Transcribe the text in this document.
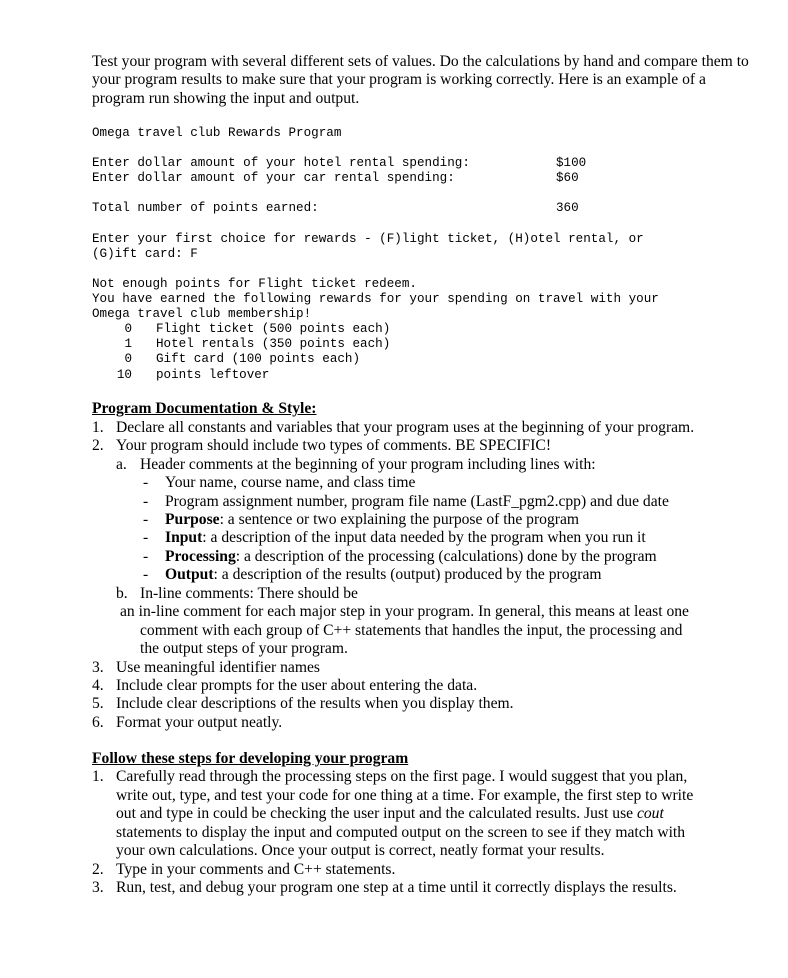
Test your program with several different sets of values. Do the calculations by hand and compare them to your program results to make sure that your program is working correctly. Here is an example of a program run showing the input and output.
Omega travel club Rewards Program
Enter dollar amount of your hotel rental spending:	$100
Enter dollar amount of your car rental spending:	$60
Total number of points earned:	360
Enter your first choice for rewards - (F)light ticket, (H)otel rental, or
(G)ift card: F
Not enough points for Flight ticket redeem.
You have earned the following rewards for your spending on travel with your
Omega travel club membership!
0 Flight ticket (500 points each)
1 Hotel rentals (350 points each)
0 Gift card (100 points each)
10 points leftover
Program Documentation & Style:
1. Declare all constants and variables that your program uses at the beginning of your program.
2. Your program should include two types of comments. BE SPECIFIC!
a. Header comments at the beginning of your program including lines with:
- Your name, course name, and class time
- Program assignment number, program file name (LastF_pgm2.cpp) and due date
- Purpose: a sentence or two explaining the purpose of the program
- Input: a description of the input data needed by the program when you run it
- Processing: a description of the processing (calculations) done by the program
- Output: a description of the results (output) produced by the program
b. In-line comments: There should be
an in-line comment for each major step in your program. In general, this means at least one
comment with each group of C++ statements that handles the input, the processing and
the output steps of your program.
3. Use meaningful identifier names
4. Include clear prompts for the user about entering the data.
5. Include clear descriptions of the results when you display them.
6. Format your output neatly.
Follow these steps for developing your program
1. Carefully read through the processing steps on the first page. I would suggest that you plan,
write out, type, and test your code for one thing at a time. For example, the first step to write
out and type in could be checking the user input and the calculated results. Just use cout
statements to display the input and computed output on the screen to see if they match with
your own calculations. Once your output is correct, neatly format your results.
2. Type in your comments and C++ statements.
3. Run, test, and debug your program one step at a time until it correctly displays the results.
